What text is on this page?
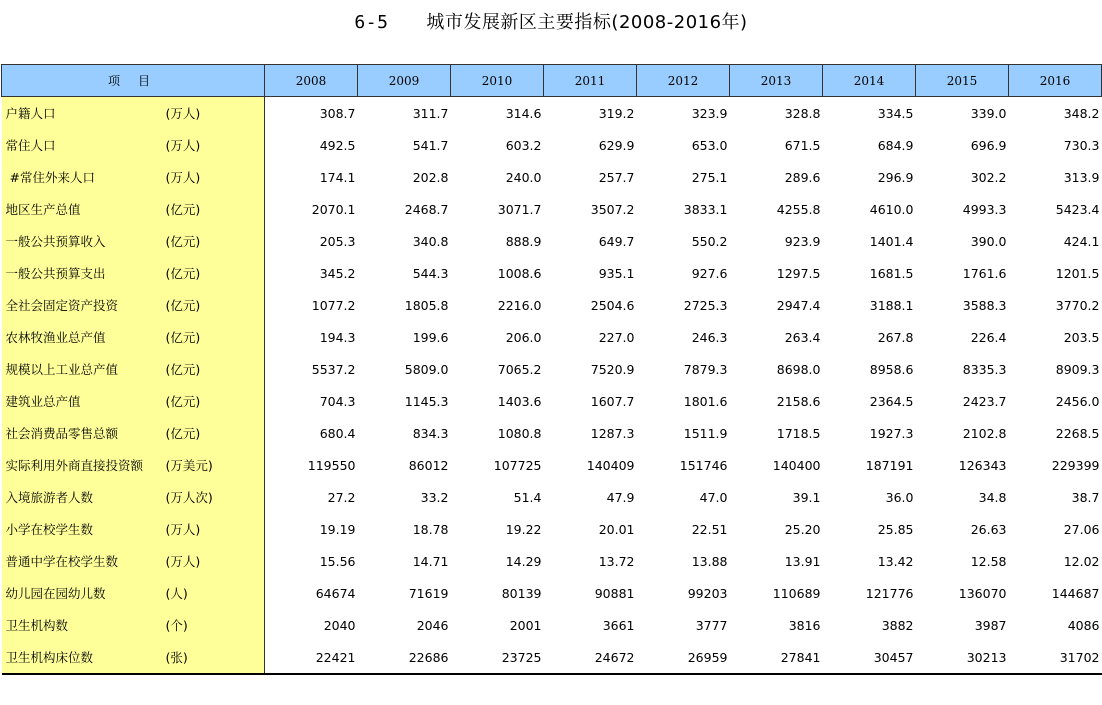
6-5 城市发展新区主要指标(2008-2016年)
项目	2008	2009	2010	2011	2012	2013	2014	2015	2016

户籍人口 (万人)	308.7	311.7	314.6	319.2	323.9	328.8	334.5	339.0	348.2

常住人口 (万人)	492.5	541.7	603.2	629.9	653.0	671.5	684.9	696.9	730.3

#常住外来人口 (万人)	174.1	202.8	240.0	257.7	275.1	289.6	296.9	302.2	313.9

地区生产总值 (亿元)	2070.1	2468.7	3071.7	3507.2	3833.1	4255.8	4610.0	4993.3	5423.4

一般公共预算收入 (亿元)	205.3	340.8	888.9	649.7	550.2	923.9	1401.4	390.0	424.1

一般公共预算支出 (亿元)	345.2	544.3	1008.6	935.1	927.6	1297.5	1681.5	1761.6	1201.5

全社会固定资产投资 (亿元)	1077.2	1805.8	2216.0	2504.6	2725.3	2947.4	3188.1	3588.3	3770.2

农林牧渔业总产值 (亿元)	194.3	199.6	206.0	227.0	246.3	263.4	267.8	226.4	203.5

规模以上工业总产值 (亿元)	5537.2	5809.0	7065.2	7520.9	7879.3	8698.0	8958.6	8335.3	8909.3

建筑业总产值 (亿元)	704.3	1145.3	1403.6	1607.7	1801.6	2158.6	2364.5	2423.7	2456.0

社会消费品零售总额 (亿元)	680.4	834.3	1080.8	1287.3	1511.9	1718.5	1927.3	2102.8	2268.5

实际利用外商直接投资额 (万美元)	119550	86012	107725	140409	151746	140400	187191	126343	229399

入境旅游者人数 (万人次)	27.2	33.2	51.4	47.9	47.0	39.1	36.0	34.8	38.7

小学在校学生数 (万人)	19.19	18.78	19.22	20.01	22.51	25.20	25.85	26.63	27.06

普通中学在校学生数 (万人)	15.56	14.71	14.29	13.72	13.88	13.91	13.42	12.58	12.02

幼儿园在园幼儿数 (人)	64674	71619	80139	90881	99203	110689	121776	136070	144687

卫生机构数 (个)	2040	2046	2001	3661	3777	3816	3882	3987	4086

卫生机构床位数 (张)	22421	22686	23725	24672	26959	27841	30457	30213	31702
